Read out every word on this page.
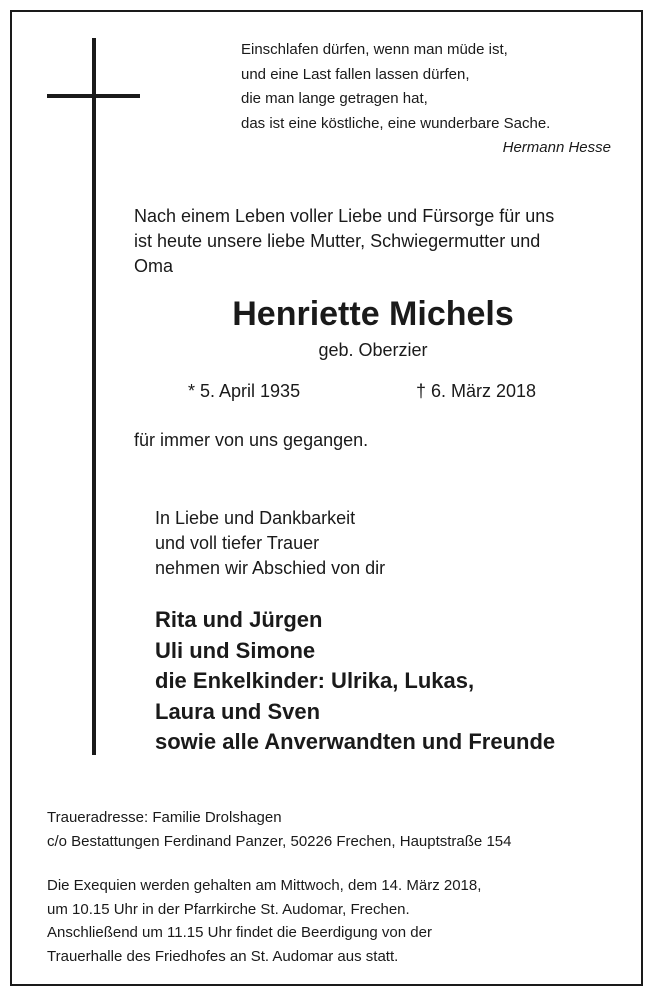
Einschlafen dürfen, wenn man müde ist,
und eine Last fallen lassen dürfen,
die man lange getragen hat,
das ist eine köstliche, eine wunderbare Sache.
Hermann Hesse
Nach einem Leben voller Liebe und Fürsorge für uns
ist heute unsere liebe Mutter, Schwiegermutter und
Oma
Henriette Michels
geb. Oberzier
* 5. April 1935	† 6. März 2018
für immer von uns gegangen.
In Liebe und Dankbarkeit
und voll tiefer Trauer
nehmen wir Abschied von dir
Rita und Jürgen
Uli und Simone
die Enkelkinder: Ulrika, Lukas,
Laura und Sven
sowie alle Anverwandten und Freunde
Traueradresse: Familie Drolshagen
c/o Bestattungen Ferdinand Panzer, 50226 Frechen, Hauptstraße 154
Die Exequien werden gehalten am Mittwoch, dem 14. März 2018,
um 10.15 Uhr in der Pfarrkirche St. Audomar, Frechen.
Anschließend um 11.15 Uhr findet die Beerdigung von der
Trauerhalle des Friedhofes an St. Audomar aus statt.
